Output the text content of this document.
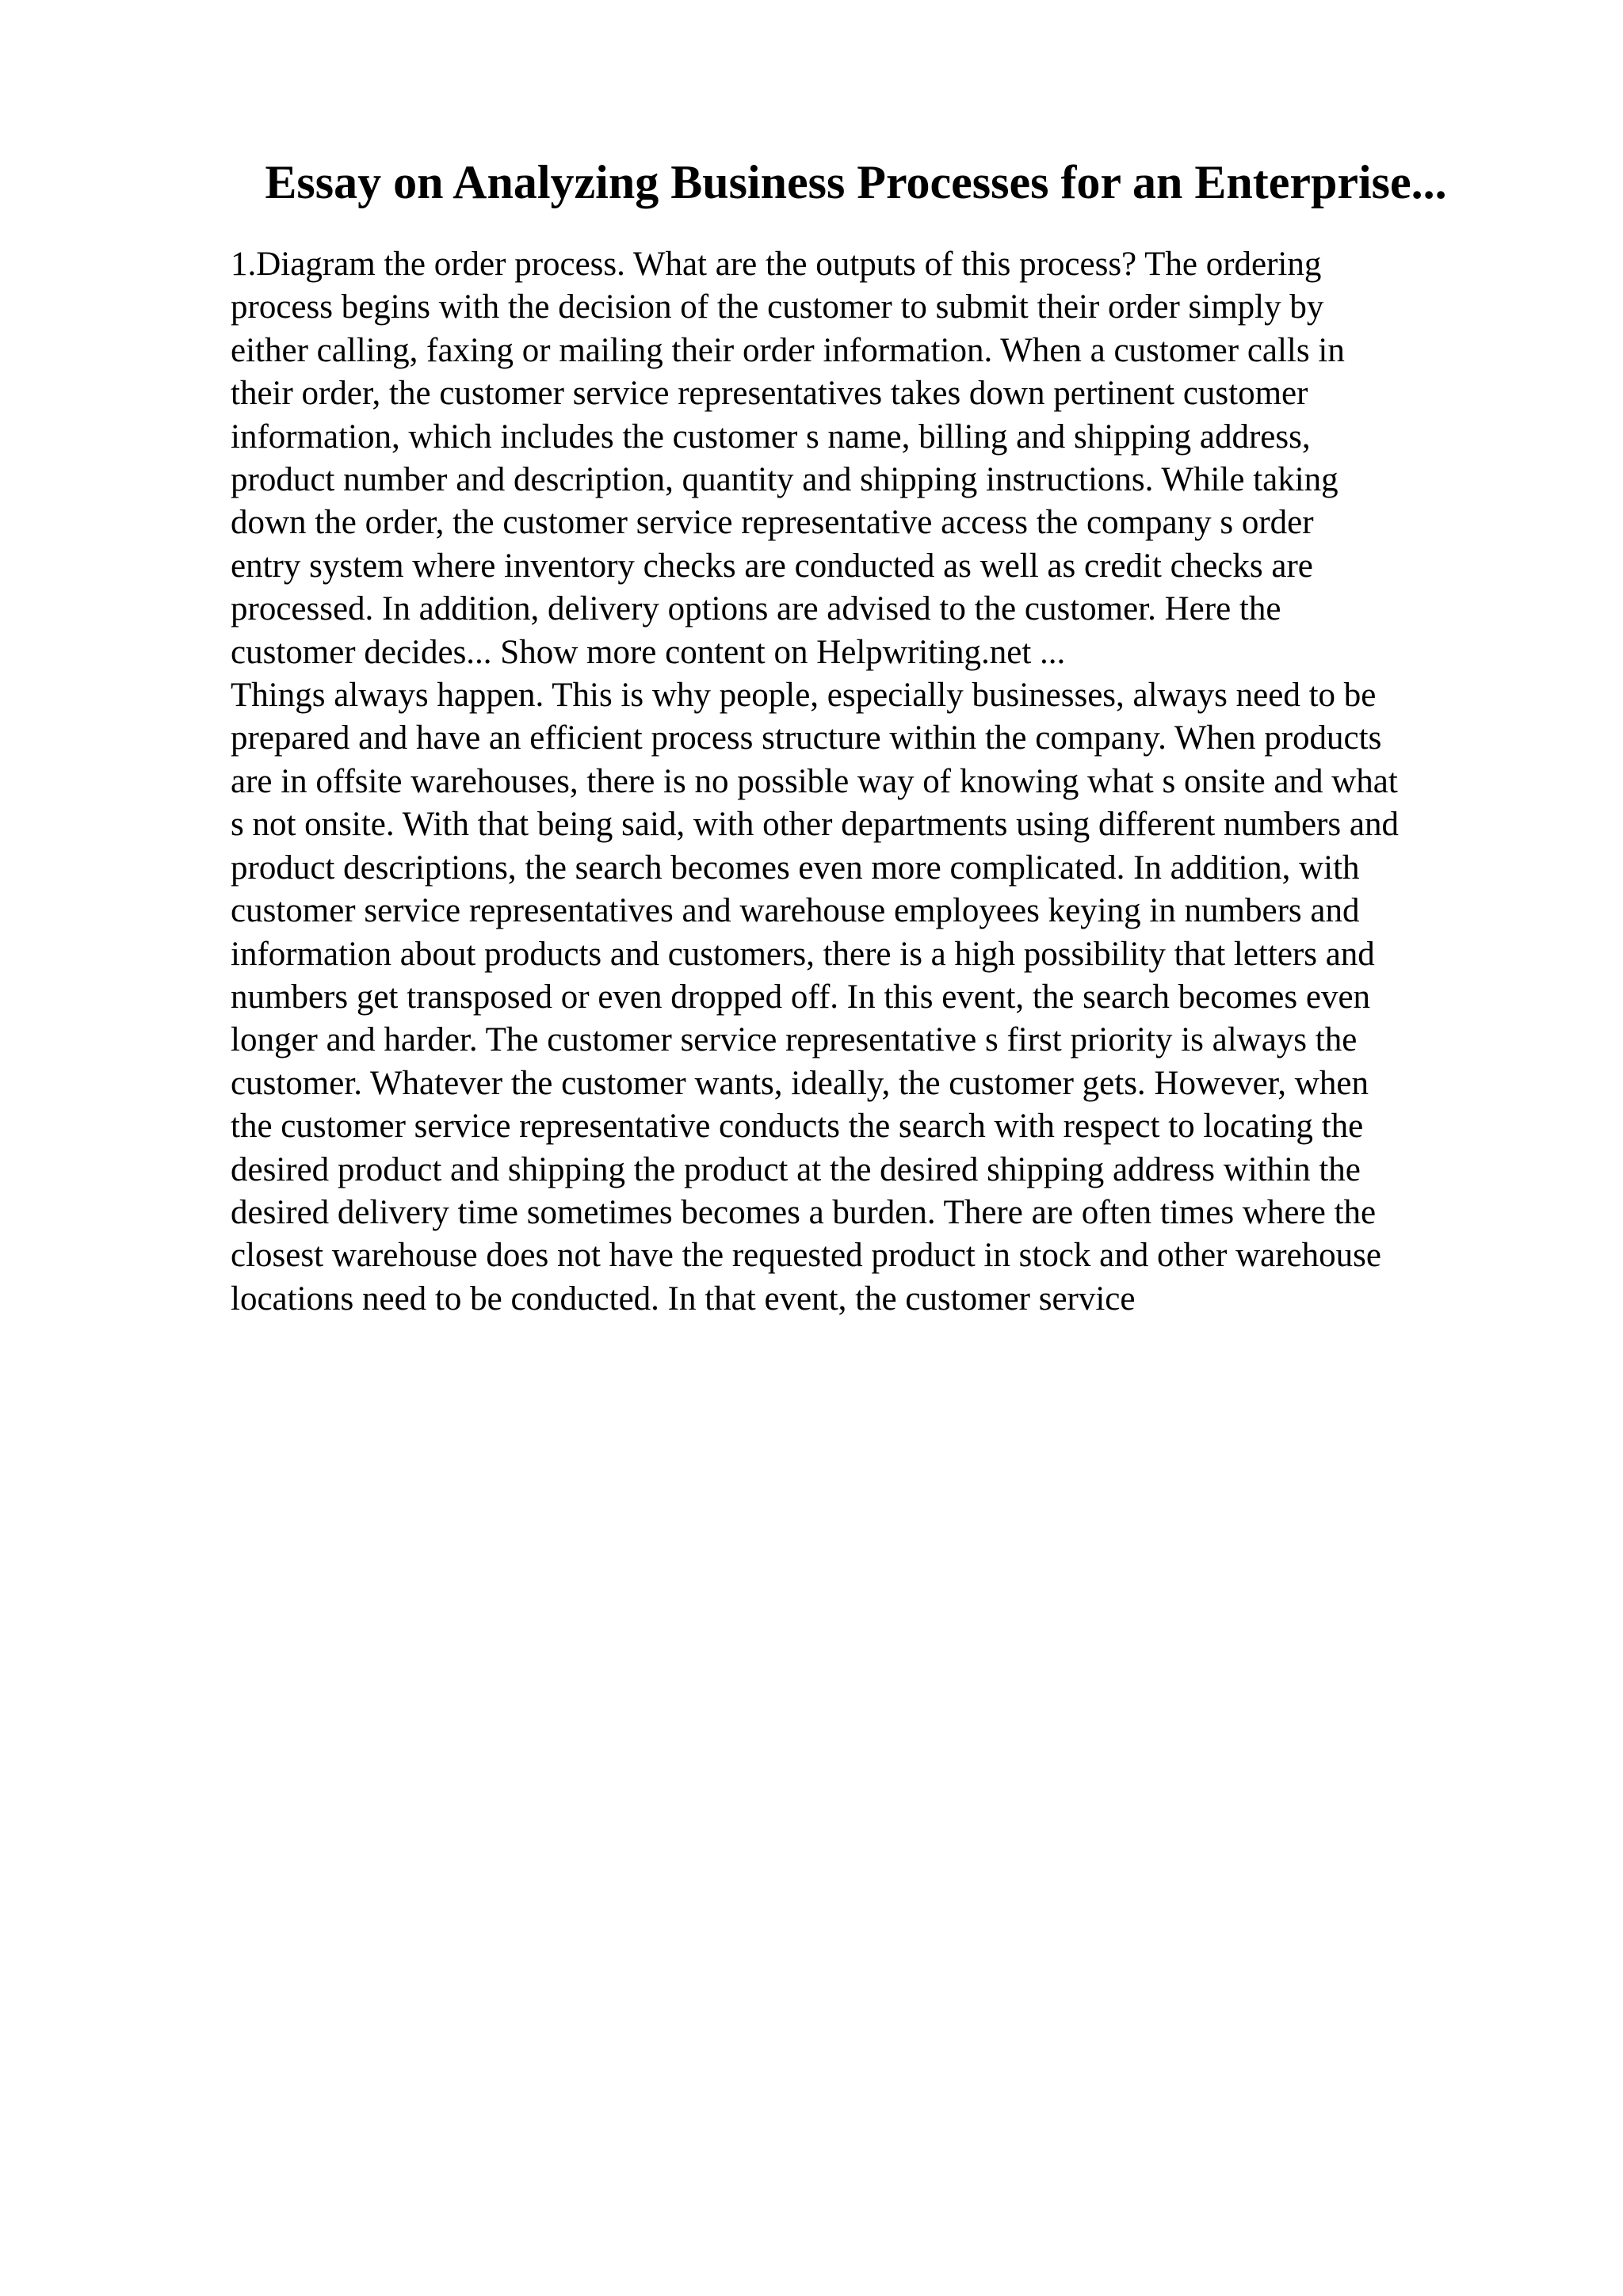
Essay on Analyzing Business Processes for an Enterprise...

1.Diagram the order process. What are the outputs of this process? The ordering
process begins with the decision of the customer to submit their order simply by
either calling, faxing or mailing their order information. When a customer calls in
their order, the customer service representatives takes down pertinent customer
information, which includes the customer s name, billing and shipping address,
product number and description, quantity and shipping instructions. While taking
down the order, the customer service representative access the company s order
entry system where inventory checks are conducted as well as credit checks are
processed. In addition, delivery options are advised to the customer. Here the
customer decides... Show more content on Helpwriting.net ...

Things always happen. This is why people, especially businesses, always need to be
prepared and have an efficient process structure within the company. When products
are in offsite warehouses, there is no possible way of knowing what s onsite and what
s not onsite. With that being said, with other departments using different numbers and
product descriptions, the search becomes even more complicated. In addition, with
customer service representatives and warehouse employees keying in numbers and
information about products and customers, there is a high possibility that letters and
numbers get transposed or even dropped off. In this event, the search becomes even
longer and harder. The customer service representative s first priority is always the
customer. Whatever the customer wants, ideally, the customer gets. However, when
the customer service representative conducts the search with respect to locating the
desired product and shipping the product at the desired shipping address within the
desired delivery time sometimes becomes a burden. There are often times where the
closest warehouse does not have the requested product in stock and other warehouse
locations need to be conducted. In that event, the customer service
